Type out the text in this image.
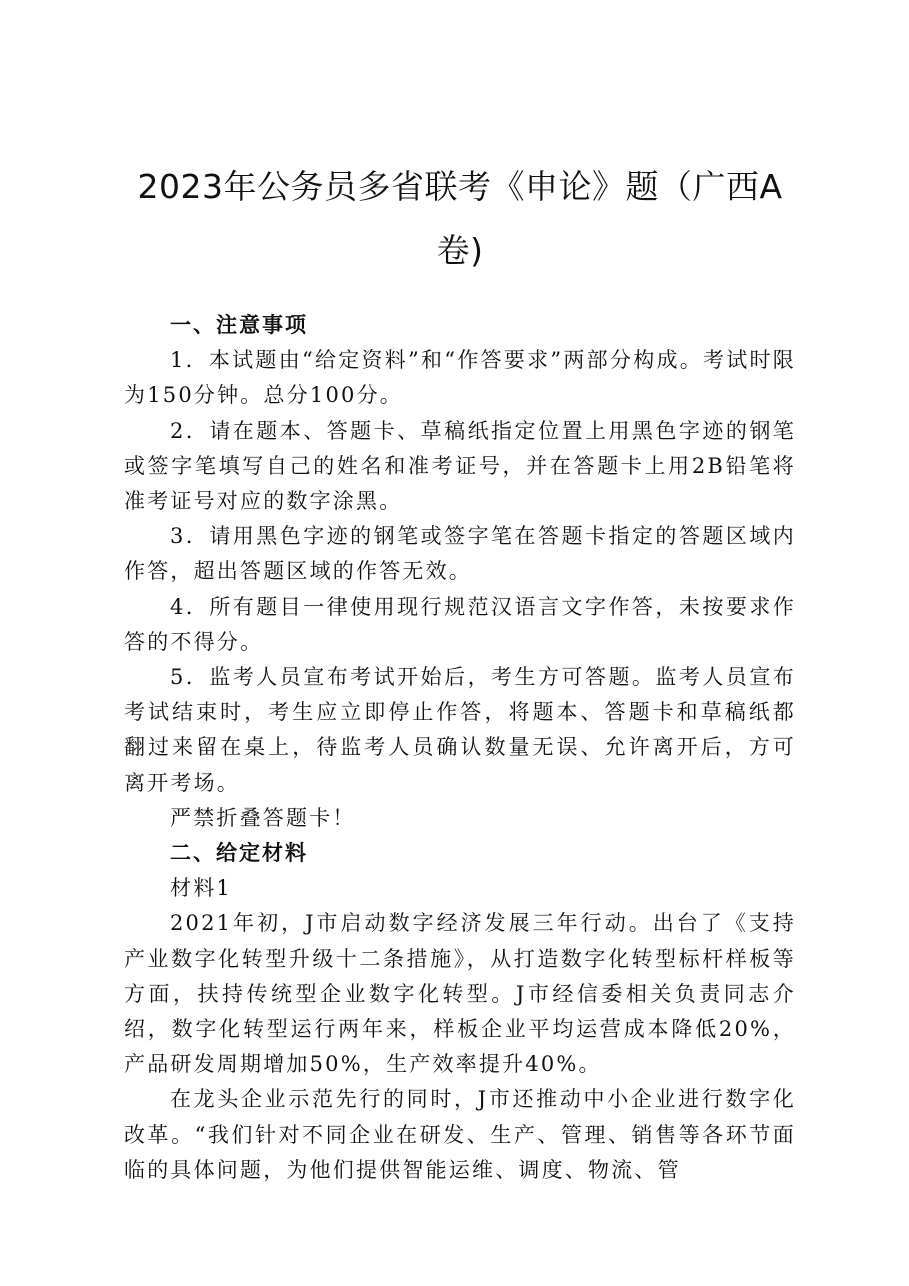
2023年公务员多省联考《申论》题（广西A
卷)

一、注意事项

1．本试题由“给定资料”和“作答要求”两部分构成。考试时限为150分钟。总分100分。

2．请在题本、答题卡、草稿纸指定位置上用黑色字迹的钢笔或签字笔填写自己的姓名和准考证号，并在答题卡上用2B铅笔将准考证号对应的数字涂黑。

3．请用黑色字迹的钢笔或签字笔在答题卡指定的答题区域内作答，超出答题区域的作答无效。

4．所有题目一律使用现行规范汉语言文字作答，未按要求作答的不得分。

5．监考人员宣布考试开始后，考生方可答题。监考人员宣布考试结束时，考生应立即停止作答，将题本、答题卡和草稿纸都翻过来留在桌上，待监考人员确认数量无误、允许离开后，方可离开考场。

严禁折叠答题卡！

二、给定材料

材料1

2021年初，J市启动数字经济发展三年行动。出台了《支持产业数字化转型升级十二条措施》，从打造数字化转型标杆样板等方面，扶持传统型企业数字化转型。J市经信委相关负责同志介绍，数字化转型运行两年来，样板企业平均运营成本降低20%，产品研发周期增加50%，生产效率提升40%。

在龙头企业示范先行的同时，J市还推动中小企业进行数字化改革。“我们针对不同企业在研发、生产、管理、销售等各环节面临的具体问题，为他们提供智能运维、调度、物流、管
